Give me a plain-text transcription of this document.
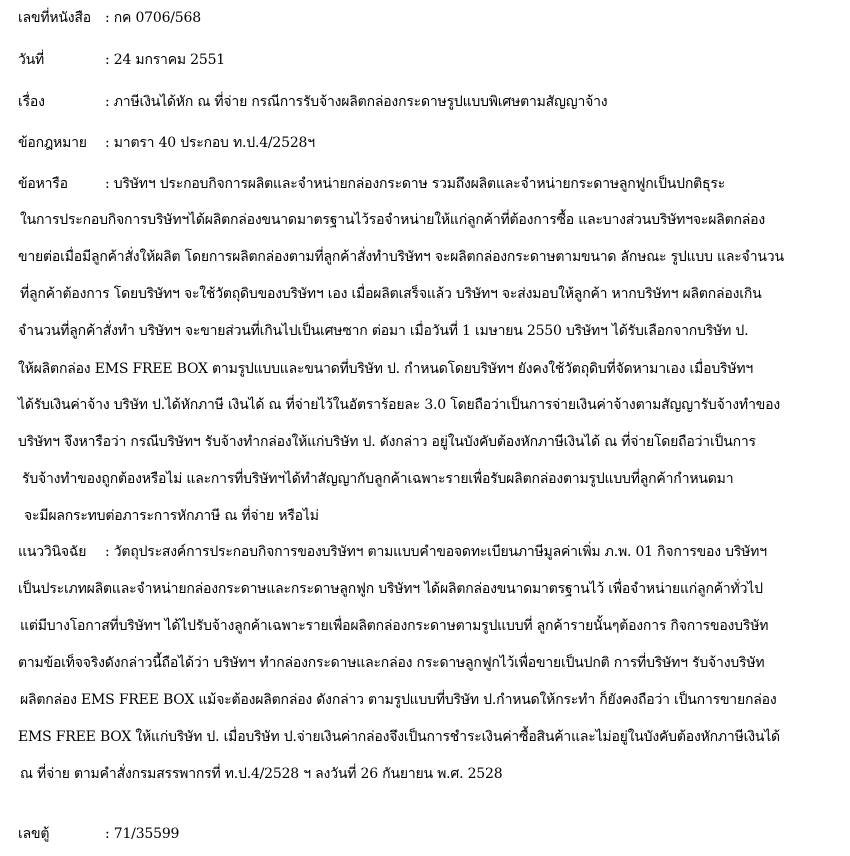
เลขที่หนังสือ : กค 0706/568
วันที่	: 24 มกราคม 2551
เรื่อง	: ภาษีเงินได้หัก ณ ที่จ่าย กรณีการรับจ้างผลิตกล่องกระดาษรูปแบบพิเศษตามสัญญาจ้าง
ข้อกฎหมาย : มาตรา 40 ประกอบ ท.ป.4/2528ฯ
ข้อหารือ	: บริษัทฯ ประกอบกิจการผลิตและจำหน่ายกล่องกระดาษ รวมถึงผลิตและจำหน่ายกระดาษลูกฟูกเป็นปกติธุระ
ในการประกอบกิจการบริษัทฯได้ผลิตกล่องขนาดมาตรฐานไว้รอจำหน่ายให้แก่ลูกค้าที่ต้องการซื้อ และบางส่วนบริษัทฯจะผลิตกล่อง
ขายต่อเมื่อมีลูกค้าสั่งให้ผลิต โดยการผลิตกล่องตามที่ลูกค้าสั่งทำบริษัทฯ จะผลิตกล่องกระดาษตามขนาด ลักษณะ รูปแบบ และจำนวน
ที่ลูกค้าต้องการ โดยบริษัทฯ จะใช้วัตถุดิบของบริษัทฯ เอง เมื่อผลิตเสร็จแล้ว บริษัทฯ จะส่งมอบให้ลูกค้า หากบริษัทฯ ผลิตกล่องเกิน
จำนวนที่ลูกค้าสั่งทำ บริษัทฯ จะขายส่วนที่เกินไปเป็นเศษซาก ต่อมา เมื่อวันที่ 1 เมษายน 2550 บริษัทฯ ได้รับเลือกจากบริษัท ป.
ให้ผลิตกล่อง EMS FREE BOX ตามรูปแบบและขนาดที่บริษัท ป. กำหนดโดยบริษัทฯ ยังคงใช้วัตถุดิบที่จัดหามาเอง เมื่อบริษัทฯ
ได้รับเงินค่าจ้าง บริษัท ป.ได้หักภาษี เงินได้ ณ ที่จ่ายไว้ในอัตราร้อยละ 3.0 โดยถือว่าเป็นการจ่ายเงินค่าจ้างตามสัญญารับจ้างทำของ
บริษัทฯ จึงหารือว่า กรณีบริษัทฯ รับจ้างทำกล่องให้แก่บริษัท ป. ดังกล่าว อยู่ในบังคับต้องหักภาษีเงินได้ ณ ที่จ่ายโดยถือว่าเป็นการ
รับจ้างทำของถูกต้องหรือไม่ และการที่บริษัทฯได้ทำสัญญากับลูกค้าเฉพาะรายเพื่อรับผลิตกล่องตามรูปแบบที่ลูกค้ากำหนดมา
จะมีผลกระทบต่อภาระการหักภาษี ณ ที่จ่าย หรือไม่
แนววินิจฉัย : วัตถุประสงค์การประกอบกิจการของบริษัทฯ ตามแบบคำขอจดทะเบียนภาษีมูลค่าเพิ่ม ภ.พ. 01 กิจการของ บริษัทฯ
เป็นประเภทผลิตและจำหน่ายกล่องกระดาษและกระดาษลูกฟูก บริษัทฯ ได้ผลิตกล่องขนาดมาตรฐานไว้ เพื่อจำหน่ายแก่ลูกค้าทั่วไป
แต่มีบางโอกาสที่บริษัทฯ ได้ไปรับจ้างลูกค้าเฉพาะรายเพื่อผลิตกล่องกระดาษตามรูปแบบที่ ลูกค้ารายนั้นๆต้องการ กิจการของบริษัท
ตามข้อเท็จจริงดังกล่าวนี้ถือได้ว่า บริษัทฯ ทำกล่องกระดาษและกล่อง กระดาษลูกฟูกไว้เพื่อขายเป็นปกติ การที่บริษัทฯ รับจ้างบริษัท
ผลิตกล่อง EMS FREE BOX แม้จะต้องผลิตกล่อง ดังกล่าว ตามรูปแบบที่บริษัท ป.กำหนดให้กระทำ ก็ยังคงถือว่า เป็นการขายกล่อง
EMS FREE BOX ให้แก่บริษัท ป. เมื่อบริษัท ป.จ่ายเงินค่ากล่องจึงเป็นการชำระเงินค่าซื้อสินค้าและไม่อยู่ในบังคับต้องหักภาษีเงินได้
ณ ที่จ่าย ตามคำสั่งกรมสรรพากรที่ ท.ป.4/2528 ฯ ลงวันที่ 26 กันยายน พ.ศ. 2528
เลขตู้	: 71/35599
